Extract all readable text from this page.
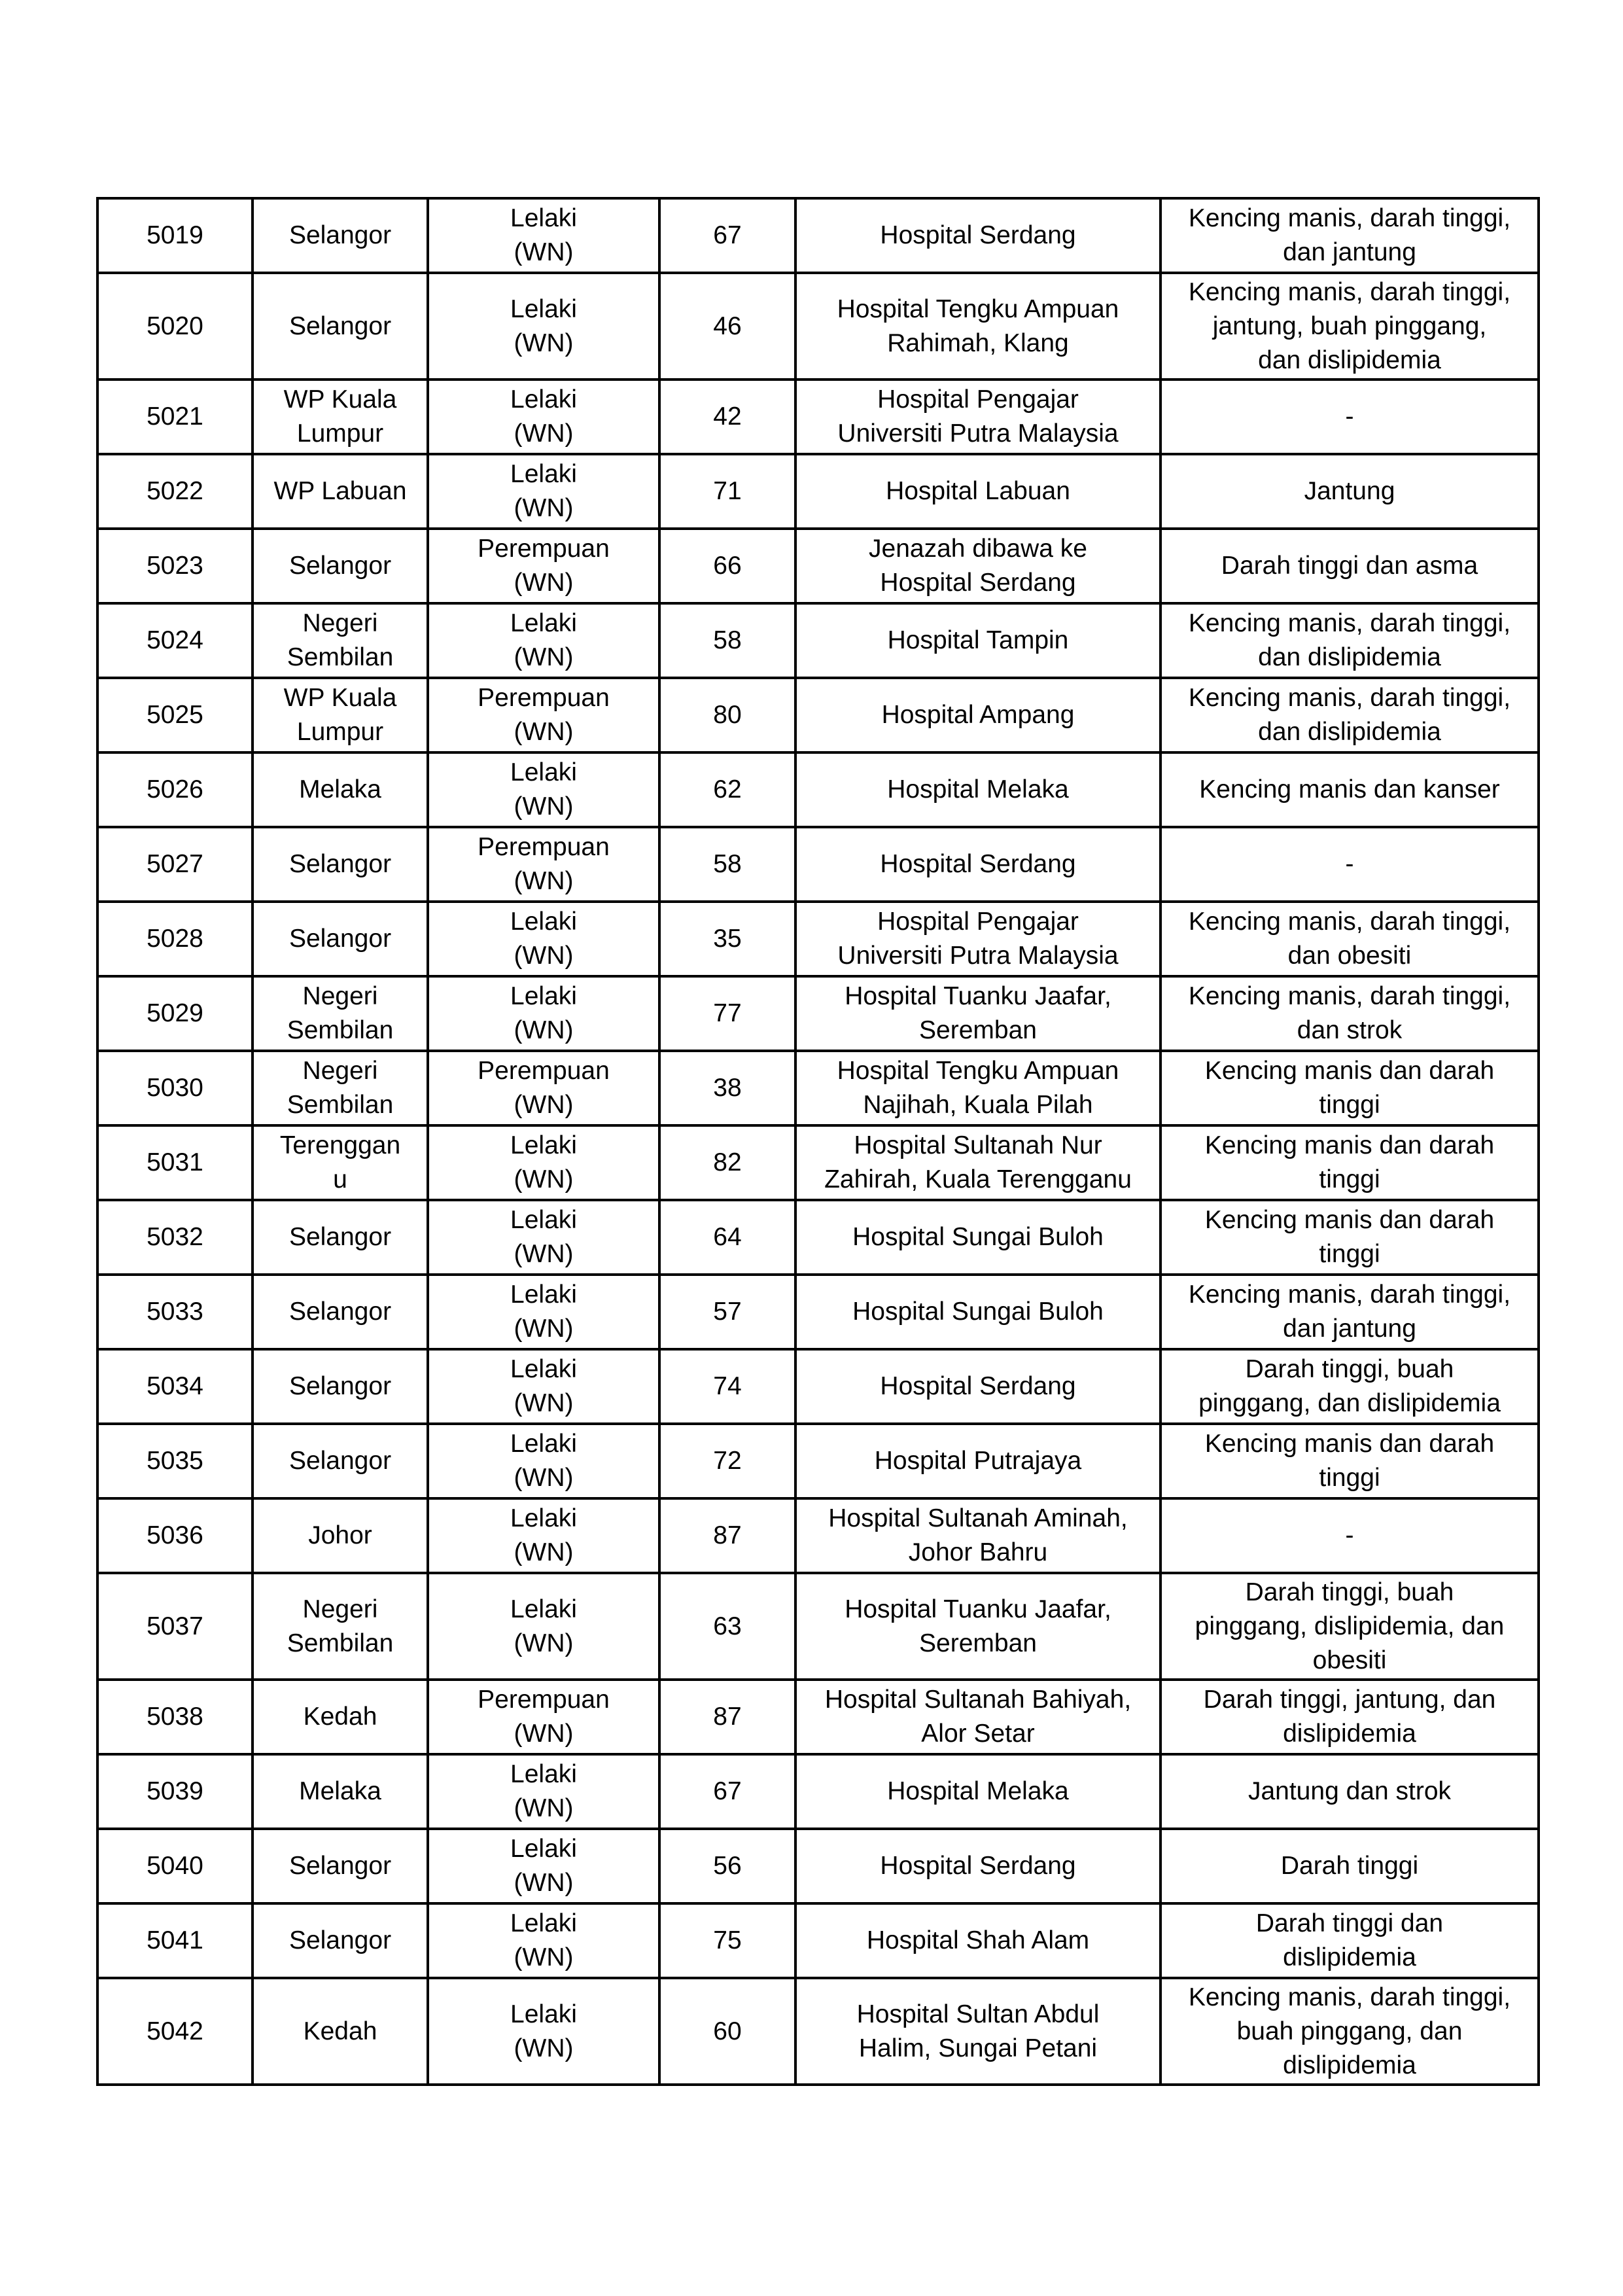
5019	Selangor	Lelaki
(WN)	67	Hospital Serdang	Kencing manis, darah tinggi,
dan jantung

5020	Selangor	Lelaki
(WN)	46	Hospital Tengku Ampuan
Rahimah, Klang	Kencing manis, darah tinggi,
jantung, buah pinggang,
dan dislipidemia

5021	WP Kuala
Lumpur	Lelaki
(WN)	42	Hospital Pengajar
Universiti Putra Malaysia	-

5022	WP Labuan	Lelaki
(WN)	71	Hospital Labuan	Jantung

5023	Selangor	Perempuan
(WN)	66	Jenazah dibawa ke
Hospital Serdang	Darah tinggi dan asma

5024	Negeri
Sembilan	Lelaki
(WN)	58	Hospital Tampin	Kencing manis, darah tinggi,
dan dislipidemia

5025	WP Kuala
Lumpur	Perempuan
(WN)	80	Hospital Ampang	Kencing manis, darah tinggi,
dan dislipidemia

5026	Melaka	Lelaki
(WN)	62	Hospital Melaka	Kencing manis dan kanser

5027	Selangor	Perempuan
(WN)	58	Hospital Serdang	-

5028	Selangor	Lelaki
(WN)	35	Hospital Pengajar
Universiti Putra Malaysia	Kencing manis, darah tinggi,
dan obesiti

5029	Negeri
Sembilan	Lelaki
(WN)	77	Hospital Tuanku Jaafar,
Seremban	Kencing manis, darah tinggi,
dan strok

5030	Negeri
Sembilan	Perempuan
(WN)	38	Hospital Tengku Ampuan
Najihah, Kuala Pilah	Kencing manis dan darah
tinggi

5031	Terenggan
u	Lelaki
(WN)	82	Hospital Sultanah Nur
Zahirah, Kuala Terengganu	Kencing manis dan darah
tinggi

5032	Selangor	Lelaki
(WN)	64	Hospital Sungai Buloh	Kencing manis dan darah
tinggi

5033	Selangor	Lelaki
(WN)	57	Hospital Sungai Buloh	Kencing manis, darah tinggi,
dan jantung

5034	Selangor	Lelaki
(WN)	74	Hospital Serdang	Darah tinggi, buah
pinggang, dan dislipidemia

5035	Selangor	Lelaki
(WN)	72	Hospital Putrajaya	Kencing manis dan darah
tinggi

5036	Johor	Lelaki
(WN)	87	Hospital Sultanah Aminah,
Johor Bahru	-

5037	Negeri
Sembilan	Lelaki
(WN)	63	Hospital Tuanku Jaafar,
Seremban	Darah tinggi, buah
pinggang, dislipidemia, dan
obesiti

5038	Kedah	Perempuan
(WN)	87	Hospital Sultanah Bahiyah,
Alor Setar	Darah tinggi, jantung, dan
dislipidemia

5039	Melaka	Lelaki
(WN)	67	Hospital Melaka	Jantung dan strok

5040	Selangor	Lelaki
(WN)	56	Hospital Serdang	Darah tinggi

5041	Selangor	Lelaki
(WN)	75	Hospital Shah Alam	Darah tinggi dan
dislipidemia

5042	Kedah	Lelaki
(WN)	60	Hospital Sultan Abdul
Halim, Sungai Petani	Kencing manis, darah tinggi,
buah pinggang, dan
dislipidemia
